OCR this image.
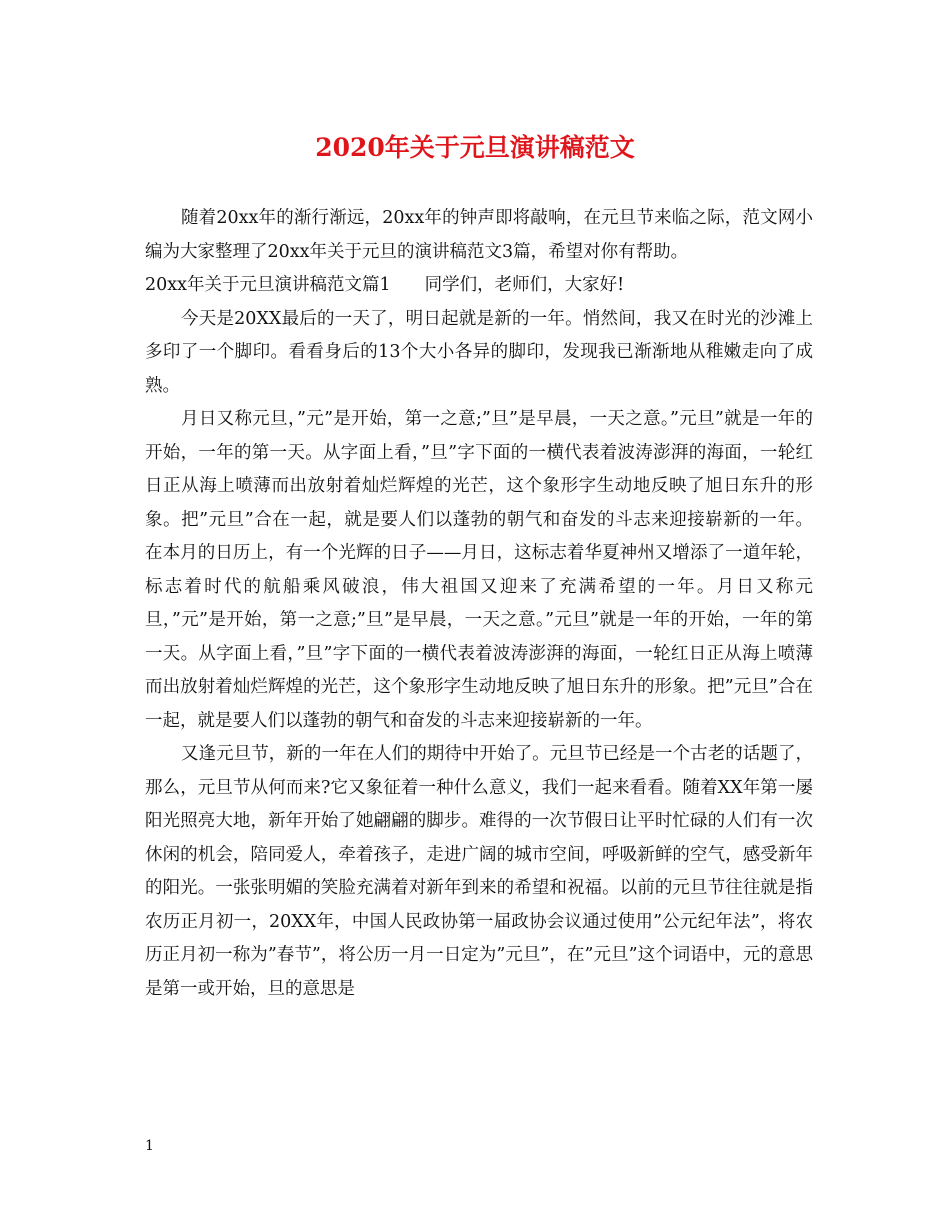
2020年关于元旦演讲稿范文

随着20xx年的渐行渐远，20xx年的钟声即将敲响，在元旦节来临之际，范文网小编为大家整理了20xx年关于元旦的演讲稿范文3篇，希望对你有帮助。

20xx年关于元旦演讲稿范文篇1 同学们，老师们，大家好!

今天是20XX最后的一天了，明日起就是新的一年。悄然间，我又在时光的沙滩上多印了一个脚印。看看身后的13个大小各异的脚印，发现我已渐渐地从稚嫩走向了成熟。

月日又称元旦，”元”是开始，第一之意;”旦”是早晨，一天之意。”元旦”就是一年的开始，一年的第一天。从字面上看，”旦”字下面的一横代表着波涛澎湃的海面，一轮红日正从海上喷薄而出放射着灿烂辉煌的光芒，这个象形字生动地反映了旭日东升的形象。把”元旦”合在一起，就是要人们以蓬勃的朝气和奋发的斗志来迎接崭新的一年。 在本月的日历上，有一个光辉的日子——月日，这标志着华夏神州又增添了一道年轮，标志着时代的航船乘风破浪，伟大祖国又迎来了充满希望的一年。月日又称元旦，”元”是开始，第一之意;”旦”是早晨，一天之意。”元旦”就是一年的开始，一年的第一天。从字面上看，”旦”字下面的一横代表着波涛澎湃的海面，一轮红日正从海上喷薄而出放射着灿烂辉煌的光芒，这个象形字生动地反映了旭日东升的形象。把”元旦”合在一起，就是要人们以蓬勃的朝气和奋发的斗志来迎接崭新的一年。

又逢元旦节，新的一年在人们的期待中开始了。元旦节已经是一个古老的话题了，那么，元旦节从何而来?它又象征着一种什么意义，我们一起来看看。随着XX年第一屡阳光照亮大地，新年开始了她翩翩的脚步。难得的一次节假日让平时忙碌的人们有一次休闲的机会，陪同爱人，牵着孩子，走进广阔的城市空间，呼吸新鲜的空气，感受新年的阳光。一张张明媚的笑脸充满着对新年到来的希望和祝福。以前的元旦节往往就是指农历正月初一，20XX年，中国人民政协第一届政协会议通过使用”公元纪年法”，将农历正月初一称为”春节”，将公历一月一日定为”元旦”，在”元旦”这个词语中，元的意思是第一或开始，旦的意思是

1
